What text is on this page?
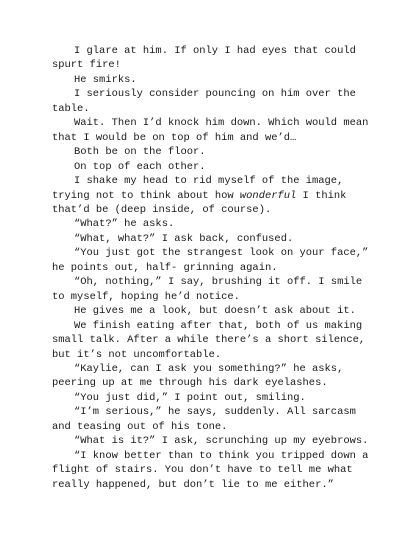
I glare at him. If only I had eyes that could spurt fire!

He smirks.

I seriously consider pouncing on him over the table.

Wait. Then I’d knock him down. Which would mean that I would be on top of him and we’d…

Both be on the floor.

On top of each other.

I shake my head to rid myself of the image, trying not to think about how wonderful I think that’d be (deep inside, of course).

“What?” he asks.

“What, what?” I ask back, confused.

“You just got the strangest look on your face,” he points out, half- grinning again.

“Oh, nothing,” I say, brushing it off. I smile to myself, hoping he’d notice.

He gives me a look, but doesn’t ask about it.

We finish eating after that, both of us making small talk. After a while there’s a short silence, but it’s not uncomfortable.

“Kaylie, can I ask you something?” he asks, peering up at me through his dark eyelashes.

“You just did,” I point out, smiling.

“I’m serious,” he says, suddenly. All sarcasm and teasing out of his tone.

“What is it?” I ask, scrunching up my eyebrows.

“I know better than to think you tripped down a flight of stairs. You don’t have to tell me what really happened, but don’t lie to me either.”
